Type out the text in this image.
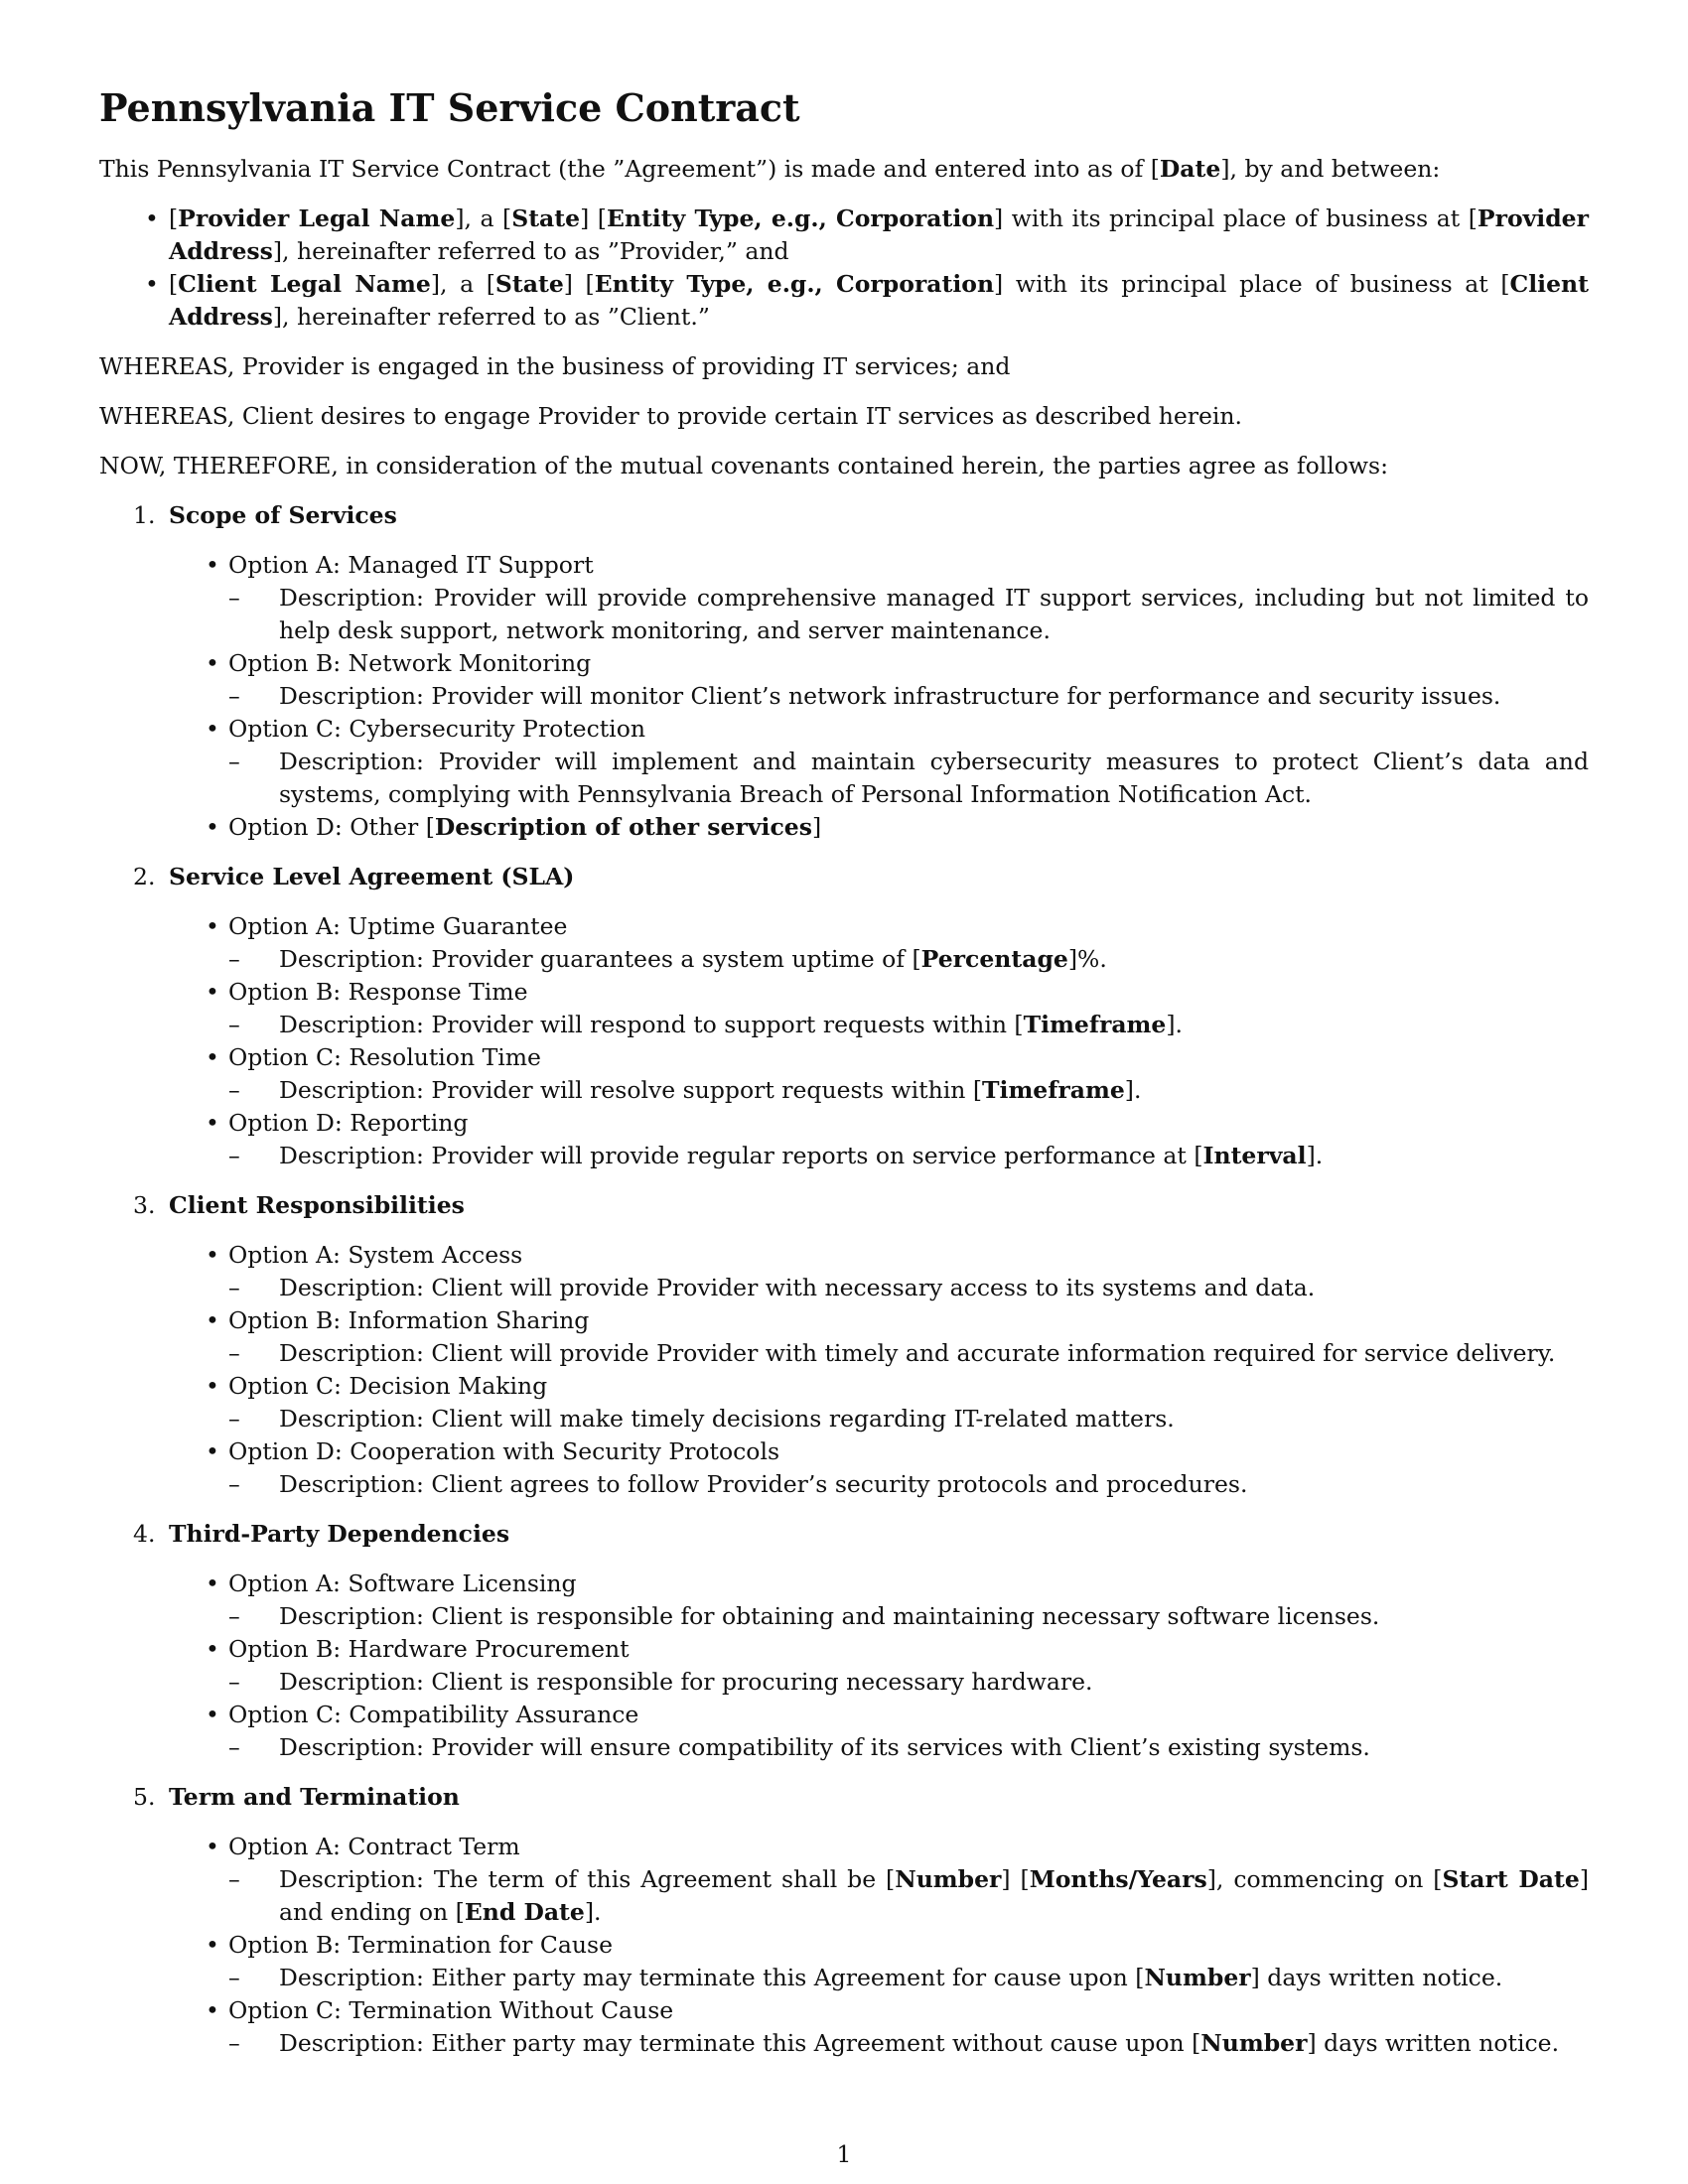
Pennsylvania IT Service Contract

This Pennsylvania IT Service Contract (the ”Agreement”) is made and entered into as of [Date], by and between:

• [Provider Legal Name], a [State] [Entity Type, e.g., Corporation] with its principal place of business at [Provider Address], hereinafter referred to as ”Provider,” and
• [Client Legal Name], a [State] [Entity Type, e.g., Corporation] with its principal place of business at [Client Address], hereinafter referred to as ”Client.”

WHEREAS, Provider is engaged in the business of providing IT services; and

WHEREAS, Client desires to engage Provider to provide certain IT services as described herein.

NOW, THEREFORE, in consideration of the mutual covenants contained herein, the parties agree as follows:

1. Scope of Services
• Option A: Managed IT Support
– Description: Provider will provide comprehensive managed IT support services, including but not limited to help desk support, network monitoring, and server maintenance.
• Option B: Network Monitoring
– Description: Provider will monitor Client’s network infrastructure for performance and security issues.
• Option C: Cybersecurity Protection
– Description: Provider will implement and maintain cybersecurity measures to protect Client’s data and systems, complying with Pennsylvania Breach of Personal Information Notification Act.
• Option D: Other [Description of other services]
2. Service Level Agreement (SLA)
• Option A: Uptime Guarantee
– Description: Provider guarantees a system uptime of [Percentage]%.
• Option B: Response Time
– Description: Provider will respond to support requests within [Timeframe].
• Option C: Resolution Time
– Description: Provider will resolve support requests within [Timeframe].
• Option D: Reporting
– Description: Provider will provide regular reports on service performance at [Interval].
3. Client Responsibilities
• Option A: System Access
– Description: Client will provide Provider with necessary access to its systems and data.
• Option B: Information Sharing
– Description: Client will provide Provider with timely and accurate information required for service delivery.
• Option C: Decision Making
– Description: Client will make timely decisions regarding IT-related matters.
• Option D: Cooperation with Security Protocols
– Description: Client agrees to follow Provider’s security protocols and procedures.
4. Third-Party Dependencies
• Option A: Software Licensing
– Description: Client is responsible for obtaining and maintaining necessary software licenses.
• Option B: Hardware Procurement
– Description: Client is responsible for procuring necessary hardware.
• Option C: Compatibility Assurance
– Description: Provider will ensure compatibility of its services with Client’s existing systems.
5. Term and Termination
• Option A: Contract Term
– Description: The term of this Agreement shall be [Number] [Months/Years], commencing on [Start Date] and ending on [End Date].
• Option B: Termination for Cause
– Description: Either party may terminate this Agreement for cause upon [Number] days written notice.
• Option C: Termination Without Cause
– Description: Either party may terminate this Agreement without cause upon [Number] days written notice.
1
